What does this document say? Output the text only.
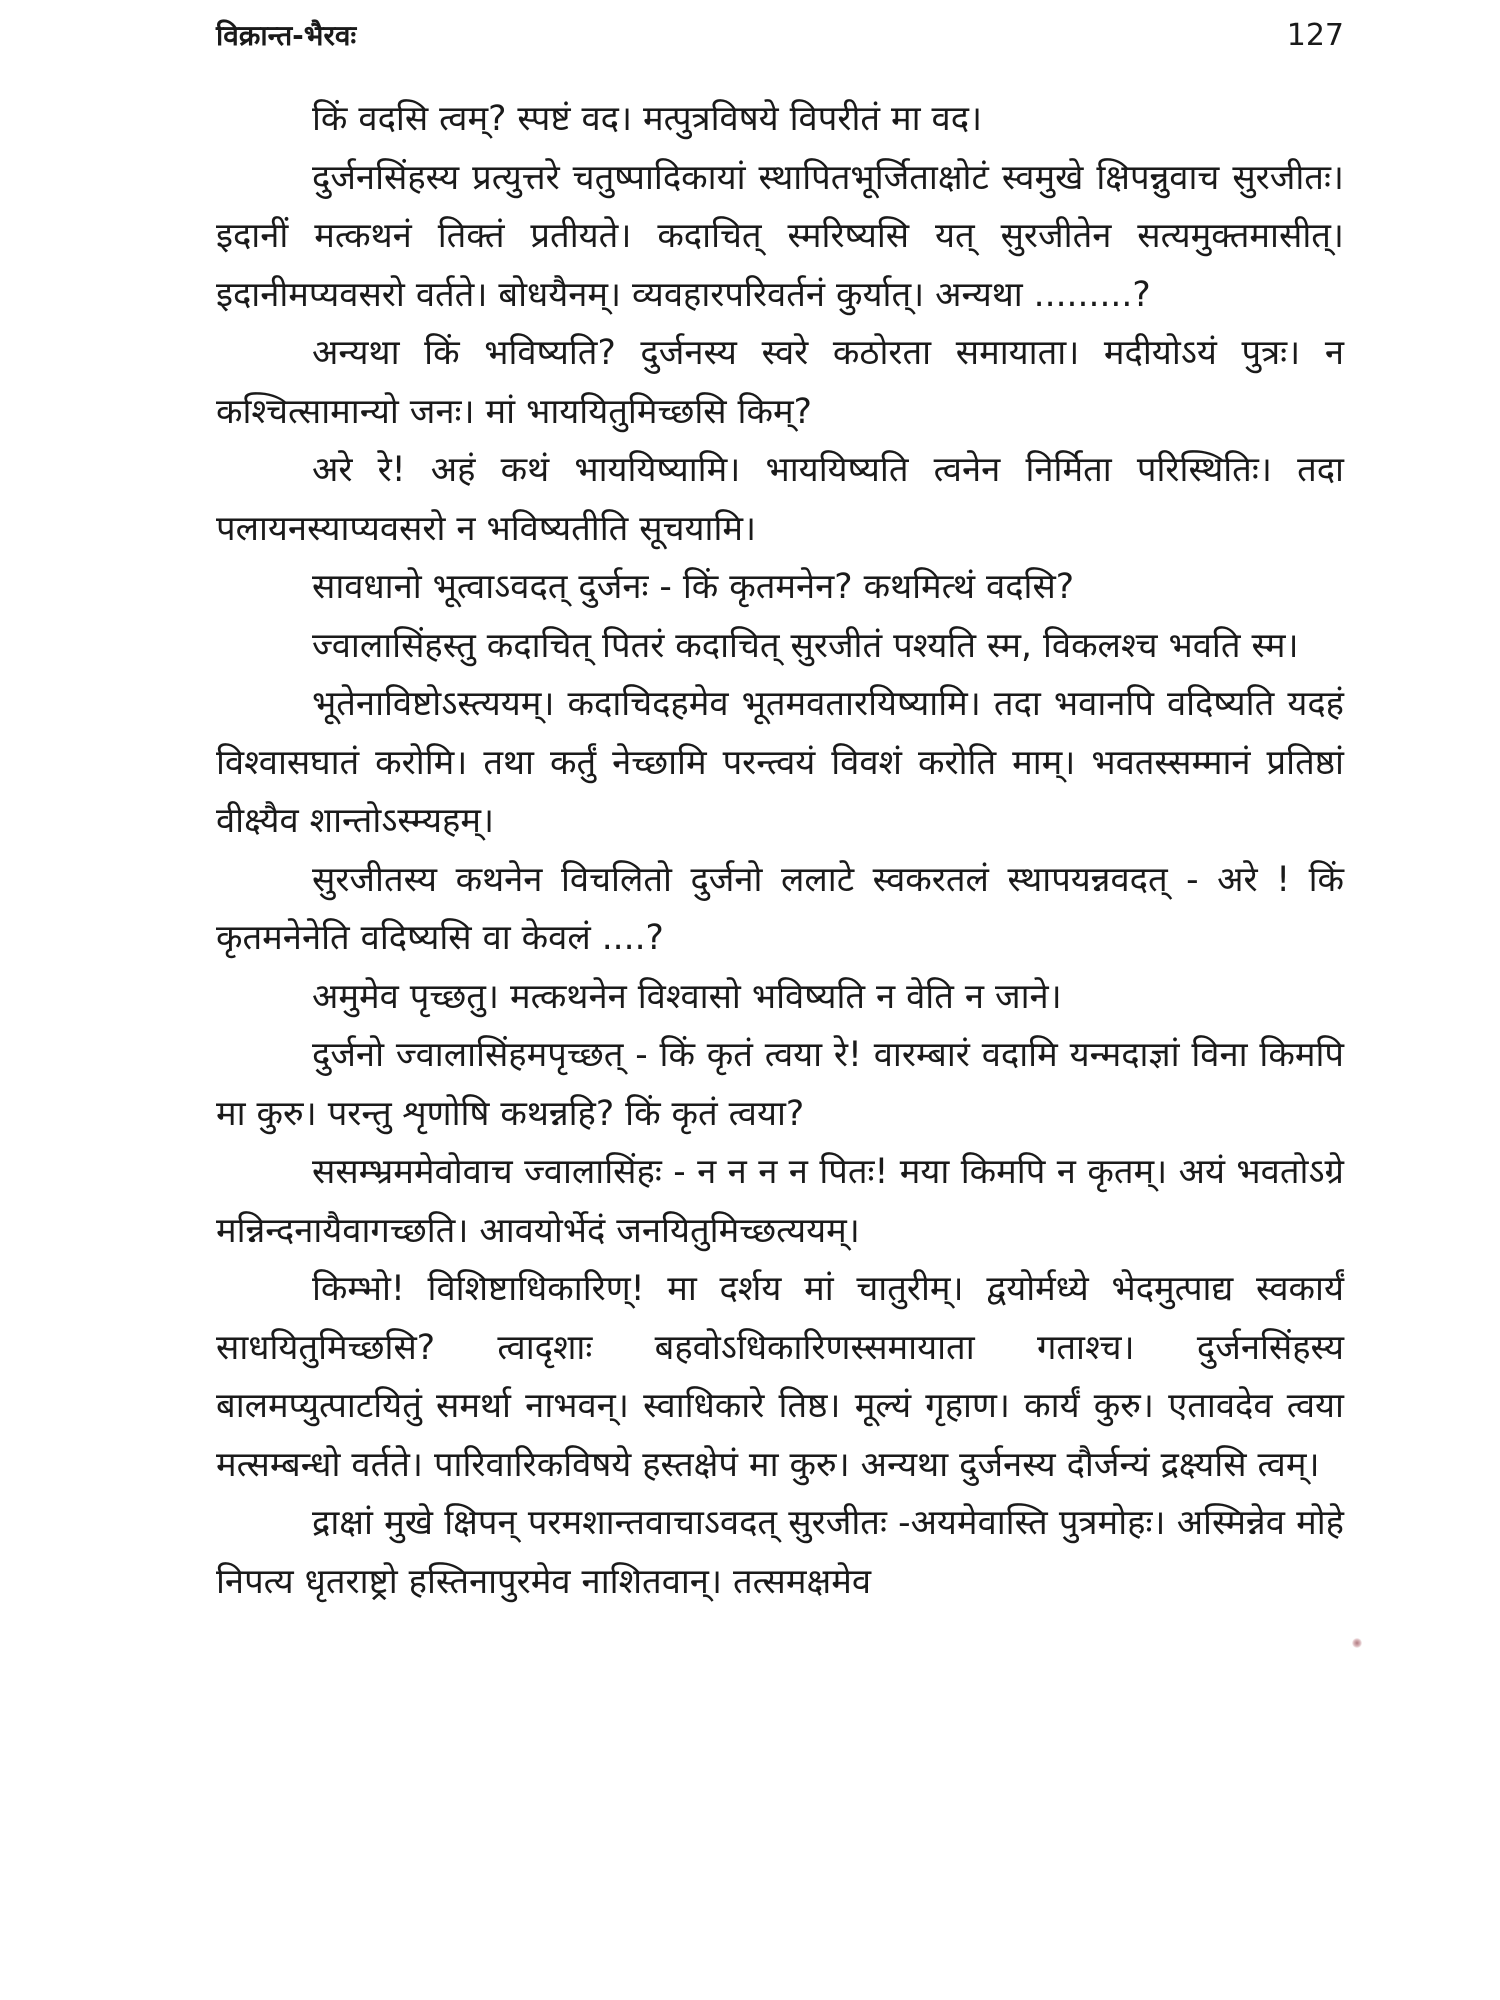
विक्रान्त-भैरवः	127

किं वदसि त्वम्? स्पष्टं वद। मत्पुत्रविषये विपरीतं मा वद।

दुर्जनसिंहस्य प्रत्युत्तरे चतुष्पादिकायां स्थापितभूर्जिताक्षोटं स्वमुखे क्षिपन्नुवाच सुरजीतः। इदानीं मत्कथनं तिक्तं प्रतीयते। कदाचित् स्मरिष्यसि यत् सुरजीतेन सत्यमुक्तमासीत्। इदानीमप्यवसरो वर्तते। बोधयैनम्। व्यवहारपरिवर्तनं कुर्यात्। अन्यथा .........?

अन्यथा किं भविष्यति? दुर्जनस्य स्वरे कठोरता समायाता। मदीयोऽयं पुत्रः। न कश्चित्सामान्यो जनः। मां भाययितुमिच्छसि किम्?

अरे रे! अहं कथं भाययिष्यामि। भाययिष्यति त्वनेन निर्मिता परिस्थितिः। तदा पलायनस्याप्यवसरो न भविष्यतीति सूचयामि।

सावधानो भूत्वाऽवदत् दुर्जनः - किं कृतमनेन? कथमित्थं वदसि?

ज्वालासिंहस्तु कदाचित् पितरं कदाचित् सुरजीतं पश्यति स्म, विकलश्च भवति स्म।

भूतेनाविष्टोऽस्त्ययम्। कदाचिदहमेव भूतमवतारयिष्यामि। तदा भवानपि वदिष्यति यदहं विश्वासघातं करोमि। तथा कर्तुं नेच्छामि परन्त्वयं विवशं करोति माम्। भवतस्सम्मानं प्रतिष्ठां वीक्ष्यैव शान्तोऽस्म्यहम्।

सुरजीतस्य कथनेन विचलितो दुर्जनो ललाटे स्वकरतलं स्थापयन्नवदत् - अरे ! किं कृतमनेनेति वदिष्यसि वा केवलं ....?

अमुमेव पृच्छतु। मत्कथनेन विश्वासो भविष्यति न वेति न जाने।

दुर्जनो ज्वालासिंहमपृच्छत् - किं कृतं त्वया रे! वारम्बारं वदामि यन्मदाज्ञां विना किमपि मा कुरु। परन्तु शृणोषि कथन्नहि? किं कृतं त्वया?

ससम्भ्रममेवोवाच ज्वालासिंहः - न न न न पितः! मया किमपि न कृतम्। अयं भवतोऽग्रे मन्निन्दनायैवागच्छति। आवयोर्भेदं जनयितुमिच्छत्ययम्।

किम्भो! विशिष्टाधिकारिण्! मा दर्शय मां चातुरीम्। द्वयोर्मध्ये भेदमुत्पाद्य स्वकार्यं साधयितुमिच्छसि? त्वादृशाः बहवोऽधिकारिणस्समायाता गताश्च। दुर्जनसिंहस्य बालमप्युत्पाटयितुं समर्था नाभवन्। स्वाधिकारे तिष्ठ। मूल्यं गृहाण। कार्यं कुरु। एतावदेव त्वया मत्सम्बन्धो वर्तते। पारिवारिकविषये हस्तक्षेपं मा कुरु। अन्यथा दुर्जनस्य दौर्जन्यं द्रक्ष्यसि त्वम्।

द्राक्षां मुखे क्षिपन् परमशान्तवाचाऽवदत् सुरजीतः -अयमेवास्ति पुत्रमोहः। अस्मिन्नेव मोहे निपत्य धृतराष्ट्रो हस्तिनापुरमेव नाशितवान्। तत्समक्षमेव
